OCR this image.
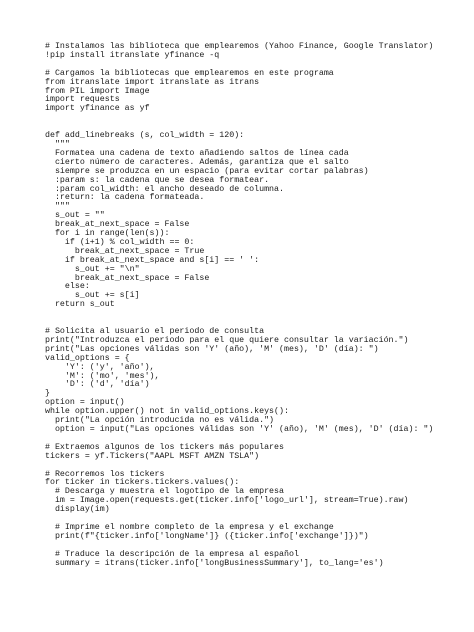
# Instalamos las biblioteca que emplearemos (Yahoo Finance, Google Translator)
!pip install itranslate yfinance -q
# Cargamos la bibliotecas que emplearemos en este programa
from itranslate import itranslate as itrans
from PIL import Image
import requests
import yfinance as yf
def add_linebreaks (s, col_width = 120):
"""
Formatea una cadena de texto añadiendo saltos de línea cada
cierto número de caracteres. Además, garantiza que el salto
siempre se produzca en un espacio (para evitar cortar palabras)
:param s: la cadena que se desea formatear.
:param col_width: el ancho deseado de columna.
:return: la cadena formateada.
"""
s_out = ""
break_at_next_space = False
for i in range(len(s)):
if (i+1) % col_width == 0:
break_at_next_space = True
if break_at_next_space and s[i] == ' ':
s_out += "\n"
break_at_next_space = False
else:
s_out += s[i]
return s_out
# Solicita al usuario el periodo de consulta
print("Introduzca el periodo para el que quiere consultar la variación.")
print("Las opciones válidas son 'Y' (año), 'M' (mes), 'D' (día): ")
valid_options = {
'Y': ('y', 'año'),
'M': ('mo', 'mes'),
'D': ('d', 'día')
}
option = input()
while option.upper() not in valid_options.keys():
print("La opción introducida no es válida.")
option = input("Las opciones válidas son 'Y' (año), 'M' (mes), 'D' (día): ")
# Extraemos algunos de los tickers más populares
tickers = yf.Tickers("AAPL MSFT AMZN TSLA")
# Recorremos los tickers
for ticker in tickers.tickers.values():
# Descarga y muestra el logotipo de la empresa
im = Image.open(requests.get(ticker.info['logo_url'], stream=True).raw)
display(im)
# Imprime el nombre completo de la empresa y el exchange
print(f"{ticker.info['longName']} ({ticker.info['exchange']})")
# Traduce la descripción de la empresa al español
summary = itrans(ticker.info['longBusinessSummary'], to_lang='es')
